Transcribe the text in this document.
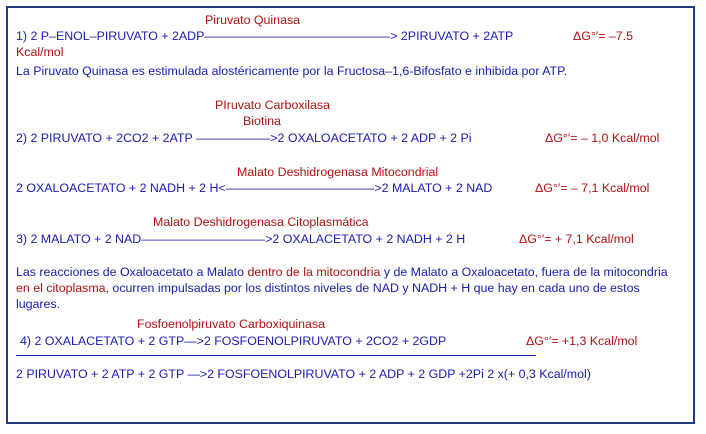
Piruvato Quinasa
1) 2 P–ENOL–PIRUVATO + 2ADP———————————————> 2PIRUVATO + 2ATP	ΔG°′= –7.5
Kcal/mol
La Piruvato Quinasa es estimulada alostéricamente por la Fructosa–1,6-Bifosfato e inhibida por ATP.
PIruvato Carboxilasa
Biotina
2) 2 PIRUVATO + 2CO2 + 2ATP ——————>2 OXALOACETATO + 2 ADP + 2 Pi	ΔG°′= – 1,0 Kcal/mol
Malato Deshidrogenasa Mitocondrial
2 OXALOACETATO + 2 NADH + 2 H<————————————>2 MALATO + 2 NAD	ΔG°′= – 7,1 Kcal/mol
Malato Deshidrogenasa Citoplasmática
3) 2 MALATO + 2 NAD——————————>2 OXALACETATO + 2 NADH + 2 H	ΔG°′= + 7,1 Kcal/mol
Las reacciones de Oxaloacetato a Malato dentro de la mitocondria y de Malato a Oxaloacetato, fuera de la mitocondria en el citoplasma, ocurren impulsadas por los distintos niveles de NAD y NADH + H que hay en cada uno de estos lugares.
Fosfoenolpiruvato Carboxiquinasa
4) 2 OXALACETATO + 2 GTP—>2 FOSFOENOLPIRUVATO + 2CO2 + 2GDP	ΔG°′= +1,3 Kcal/mol
2 PIRUVATO + 2 ATP + 2 GTP —>2 FOSFOENOLPIRUVATO + 2 ADP + 2 GDP +2Pi 2 x(+ 0,3 Kcal/mol)
